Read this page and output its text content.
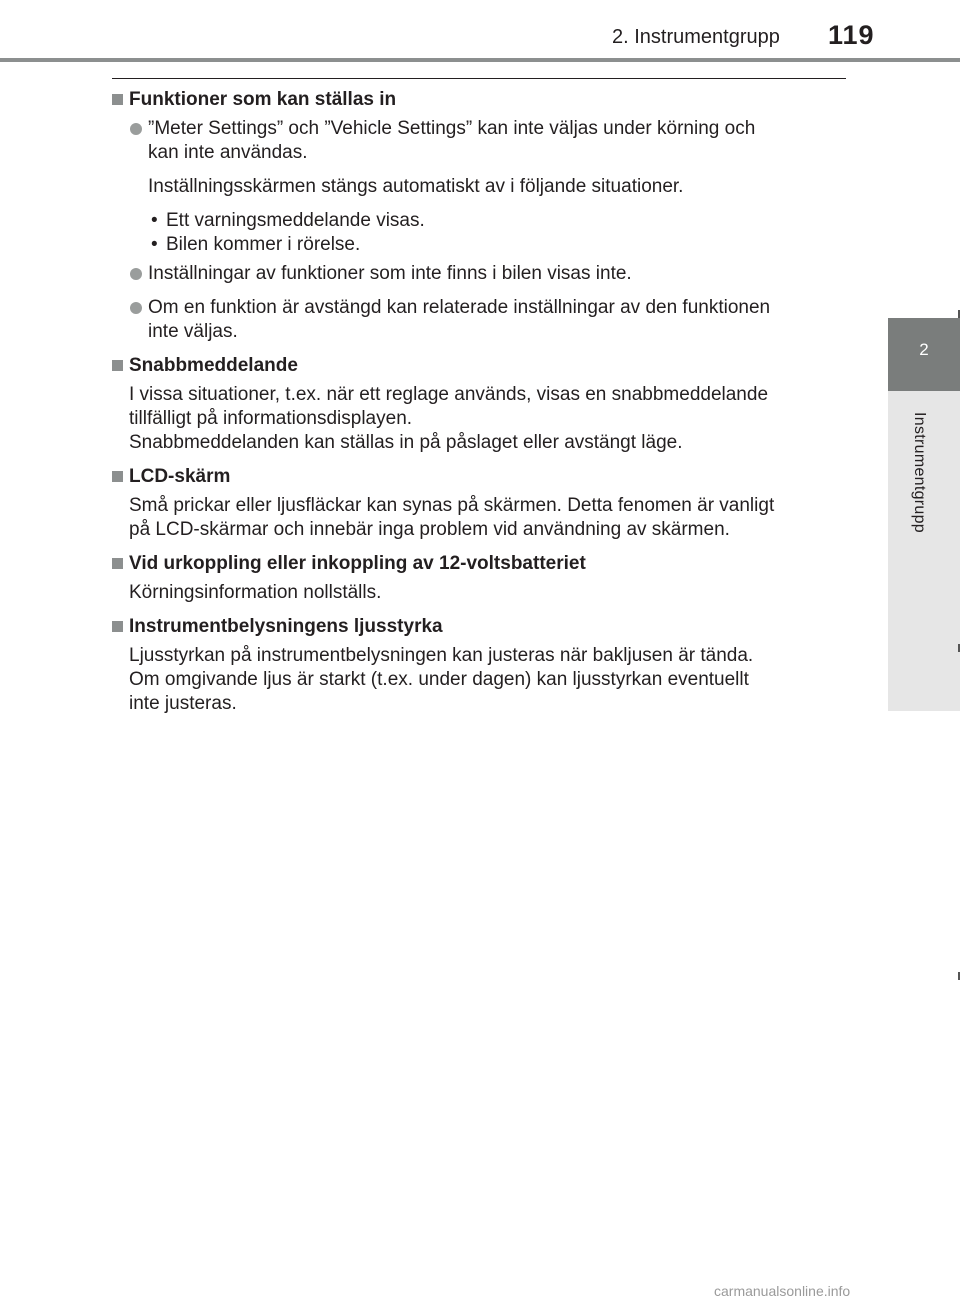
2. Instrumentgrupp 119
2
Instrumentgrupp
Funktioner som kan ställas in
”Meter Settings” och ”Vehicle Settings” kan inte väljas under körning och
kan inte användas.
Inställningsskärmen stängs automatiskt av i följande situationer.
• Ett varningsmeddelande visas.
• Bilen kommer i rörelse.
Inställningar av funktioner som inte finns i bilen visas inte.
Om en funktion är avstängd kan relaterade inställningar av den funktionen
inte väljas.
Snabbmeddelande
I vissa situationer, t.ex. när ett reglage används, visas en snabbmeddelande
tillfälligt på informationsdisplayen.
Snabbmeddelanden kan ställas in på påslaget eller avstängt läge.
LCD-skärm
Små prickar eller ljusfläckar kan synas på skärmen. Detta fenomen är vanligt
på LCD-skärmar och innebär inga problem vid användning av skärmen.
Vid urkoppling eller inkoppling av 12-voltsbatteriet
Körningsinformation nollställs.
Instrumentbelysningens ljusstyrka
Ljusstyrkan på instrumentbelysningen kan justeras när bakljusen är tända.
Om omgivande ljus är starkt (t.ex. under dagen) kan ljusstyrkan eventuellt
inte justeras.
carmanualsonline.info
